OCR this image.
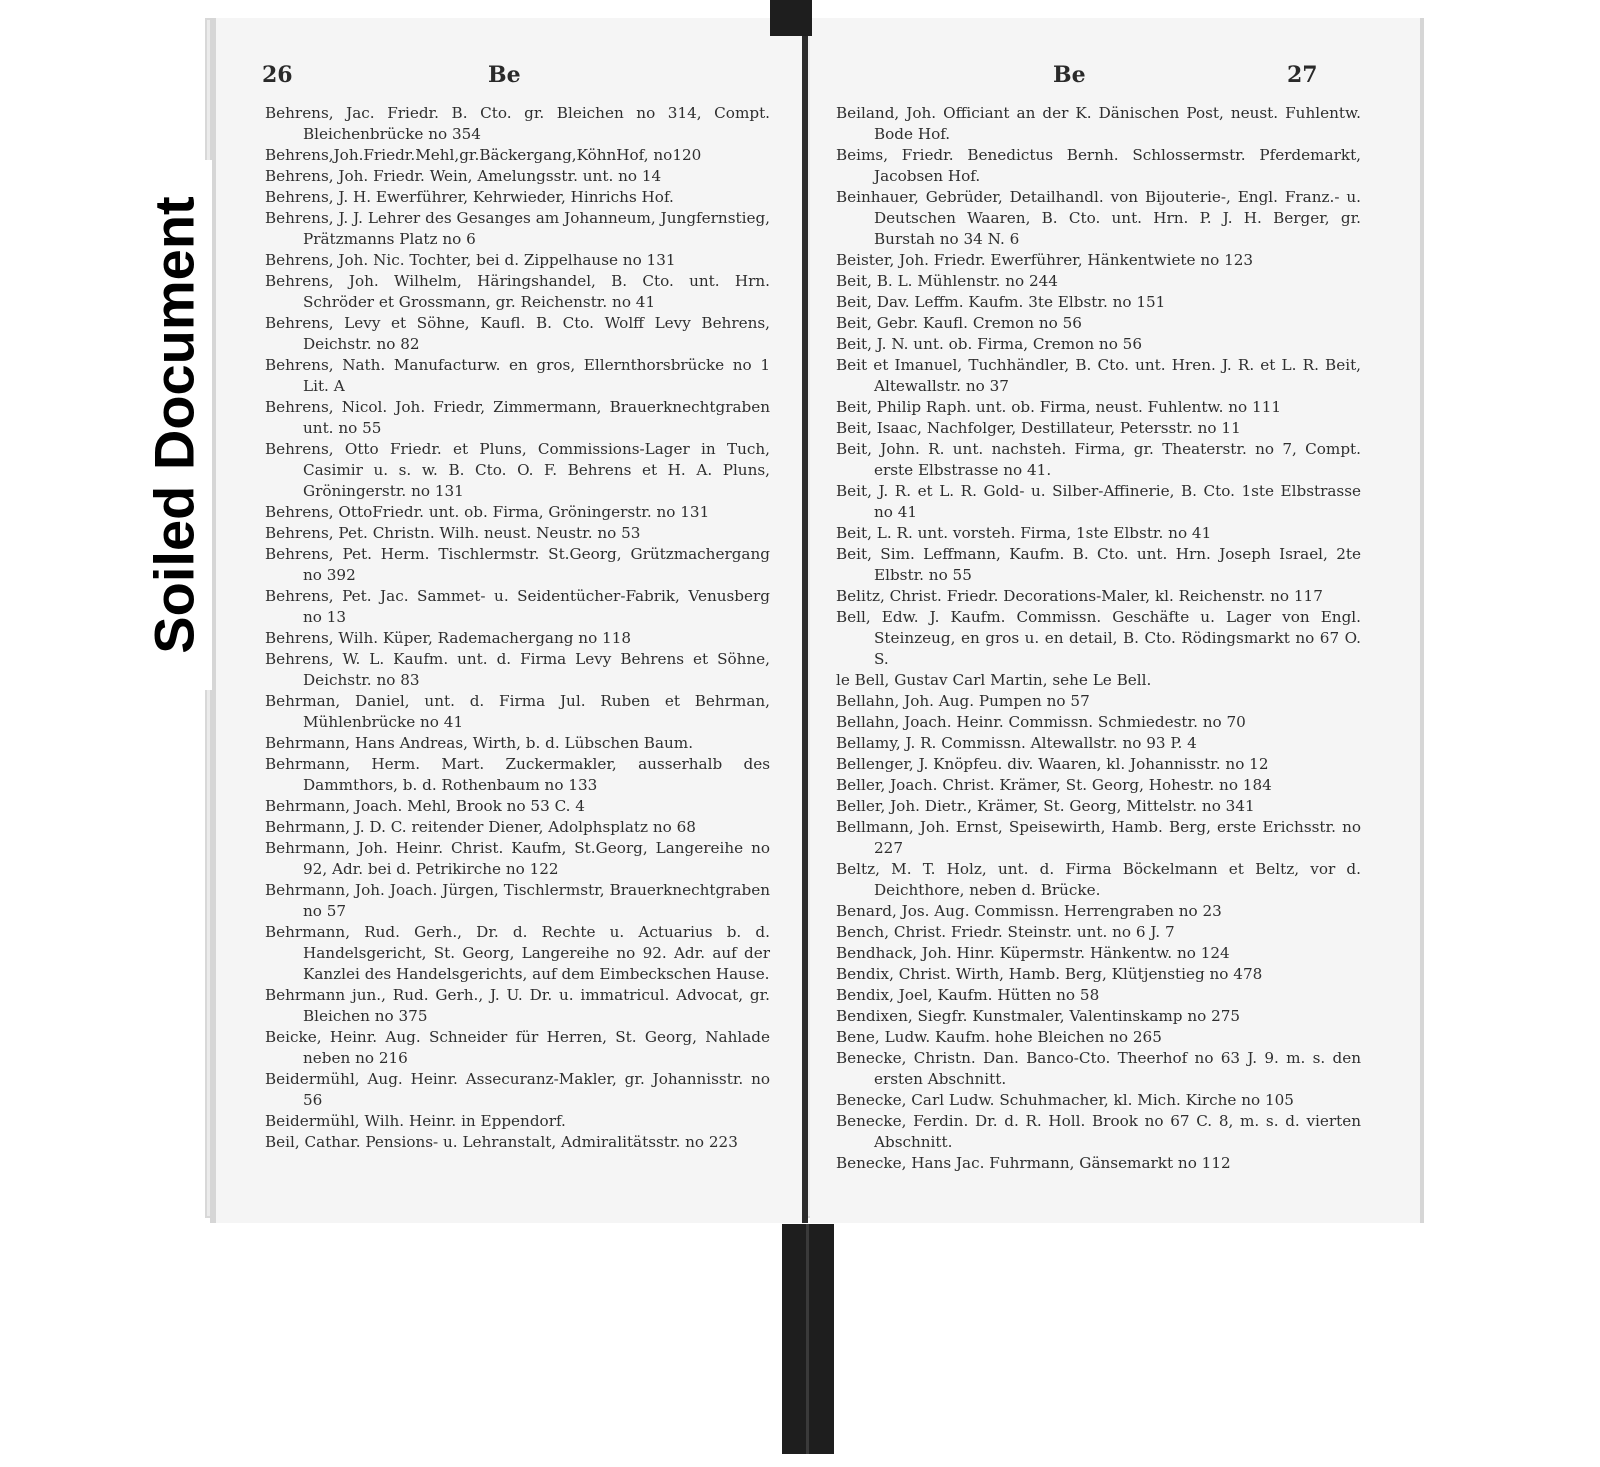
Soiled Document
26	Be	Be	27
Behrens, Jac. Friedr. B. Cto. gr. Bleichen no 314, Compt. Bleichenbrücke no 354
Behrens,Joh.Friedr.Mehl,gr.Bäckergang,KöhnHof, no120
Behrens, Joh. Friedr. Wein, Amelungsstr. unt. no 14
Behrens, J. H. Ewerführer, Kehrwieder, Hinrichs Hof.
Behrens, J. J. Lehrer des Gesanges am Johanneum, Jungfernstieg, Prätzmanns Platz no 6
Behrens, Joh. Nic. Tochter, bei d. Zippelhause no 131
Behrens, Joh. Wilhelm, Häringshandel, B. Cto. unt. Hrn. Schröder et Grossmann, gr. Reichenstr. no 41
Behrens, Levy et Söhne, Kaufl. B. Cto. Wolff Levy Behrens, Deichstr. no 82
Behrens, Nath. Manufacturw. en gros, Ellernthorsbrücke no 1 Lit. A
Behrens, Nicol. Joh. Friedr, Zimmermann, Brauerknechtgraben unt. no 55
Behrens, Otto Friedr. et Pluns, Commissions-Lager in Tuch, Casimir u. s. w. B. Cto. O. F. Behrens et H. A. Pluns, Gröningerstr. no 131
Behrens, OttoFriedr. unt. ob. Firma, Gröningerstr. no 131
Behrens, Pet. Christn. Wilh. neust. Neustr. no 53
Behrens, Pet. Herm. Tischlermstr. St.Georg, Grützmachergang no 392
Behrens, Pet. Jac. Sammet- u. Seidentücher-Fabrik, Venusberg no 13
Behrens, Wilh. Küper, Rademachergang no 118
Behrens, W. L. Kaufm. unt. d. Firma Levy Behrens et Söhne, Deichstr. no 83
Behrman, Daniel, unt. d. Firma Jul. Ruben et Behrman, Mühlenbrücke no 41
Behrmann, Hans Andreas, Wirth, b. d. Lübschen Baum.
Behrmann, Herm. Mart. Zuckermakler, ausserhalb des Dammthors, b. d. Rothenbaum no 133
Behrmann, Joach. Mehl, Brook no 53 C. 4
Behrmann, J. D. C. reitender Diener, Adolphsplatz no 68
Behrmann, Joh. Heinr. Christ. Kaufm, St.Georg, Langereihe no 92, Adr. bei d. Petrikirche no 122
Behrmann, Joh. Joach. Jürgen, Tischlermstr, Brauerknechtgraben no 57
Behrmann, Rud. Gerh., Dr. d. Rechte u. Actuarius b. d. Handelsgericht, St. Georg, Langereihe no 92. Adr. auf der Kanzlei des Handelsgerichts, auf dem Eimbeckschen Hause.
Behrmann jun., Rud. Gerh., J. U. Dr. u. immatricul. Advocat, gr. Bleichen no 375
Beicke, Heinr. Aug. Schneider für Herren, St. Georg, Nahlade neben no 216
Beidermühl, Aug. Heinr. Assecuranz-Makler, gr. Johannisstr. no 56
Beidermühl, Wilh. Heinr. in Eppendorf.
Beil, Cathar. Pensions- u. Lehranstalt, Admiralitätsstr. no 223
Beiland, Joh. Officiant an der K. Dänischen Post, neust. Fuhlentw. Bode Hof.
Beims, Friedr. Benedictus Bernh. Schlossermstr. Pferdemarkt, Jacobsen Hof.
Beinhauer, Gebrüder, Detailhandl. von Bijouterie-, Engl. Franz.- u. Deutschen Waaren, B. Cto. unt. Hrn. P. J. H. Berger, gr. Burstah no 34 N. 6
Beister, Joh. Friedr. Ewerführer, Hänkentwiete no 123
Beit, B. L. Mühlenstr. no 244
Beit, Dav. Leffm. Kaufm. 3te Elbstr. no 151
Beit, Gebr. Kaufl. Cremon no 56
Beit, J. N. unt. ob. Firma, Cremon no 56
Beit et Imanuel, Tuchhändler, B. Cto. unt. Hren. J. R. et L. R. Beit, Altewallstr. no 37
Beit, Philip Raph. unt. ob. Firma, neust. Fuhlentw. no 111
Beit, Isaac, Nachfolger, Destillateur, Petersstr. no 11
Beit, John. R. unt. nachsteh. Firma, gr. Theaterstr. no 7, Compt. erste Elbstrasse no 41.
Beit, J. R. et L. R. Gold- u. Silber-Affinerie, B. Cto. 1ste Elbstrasse no 41
Beit, L. R. unt. vorsteh. Firma, 1ste Elbstr. no 41
Beit, Sim. Leffmann, Kaufm. B. Cto. unt. Hrn. Joseph Israel, 2te Elbstr. no 55
Belitz, Christ. Friedr. Decorations-Maler, kl. Reichenstr. no 117
Bell, Edw. J. Kaufm. Commissn. Geschäfte u. Lager von Engl. Steinzeug, en gros u. en detail, B. Cto. Rödingsmarkt no 67 O. S.
le Bell, Gustav Carl Martin, sehe Le Bell.
Bellahn, Joh. Aug. Pumpen no 57
Bellahn, Joach. Heinr. Commissn. Schmiedestr. no 70
Bellamy, J. R. Commissn. Altewallstr. no 93 P. 4
Bellenger, J. Knöpfeu. div. Waaren, kl. Johannisstr. no 12
Beller, Joach. Christ. Krämer, St. Georg, Hohestr. no 184
Beller, Joh. Dietr., Krämer, St. Georg, Mittelstr. no 341
Bellmann, Joh. Ernst, Speisewirth, Hamb. Berg, erste Erichsstr. no 227
Beltz, M. T. Holz, unt. d. Firma Böckelmann et Beltz, vor d. Deichthore, neben d. Brücke.
Benard, Jos. Aug. Commissn. Herrengraben no 23
Bench, Christ. Friedr. Steinstr. unt. no 6 J. 7
Bendhack, Joh. Hinr. Küpermstr. Hänkentw. no 124
Bendix, Christ. Wirth, Hamb. Berg, Klütjenstieg no 478
Bendix, Joel, Kaufm. Hütten no 58
Bendixen, Siegfr. Kunstmaler, Valentinskamp no 275
Bene, Ludw. Kaufm. hohe Bleichen no 265
Benecke, Christn. Dan. Banco-Cto. Theerhof no 63 J. 9. m. s. den ersten Abschnitt.
Benecke, Carl Ludw. Schuhmacher, kl. Mich. Kirche no 105
Benecke, Ferdin. Dr. d. R. Holl. Brook no 67 C. 8, m. s. d. vierten Abschnitt.
Benecke, Hans Jac. Fuhrmann, Gänsemarkt no 112
